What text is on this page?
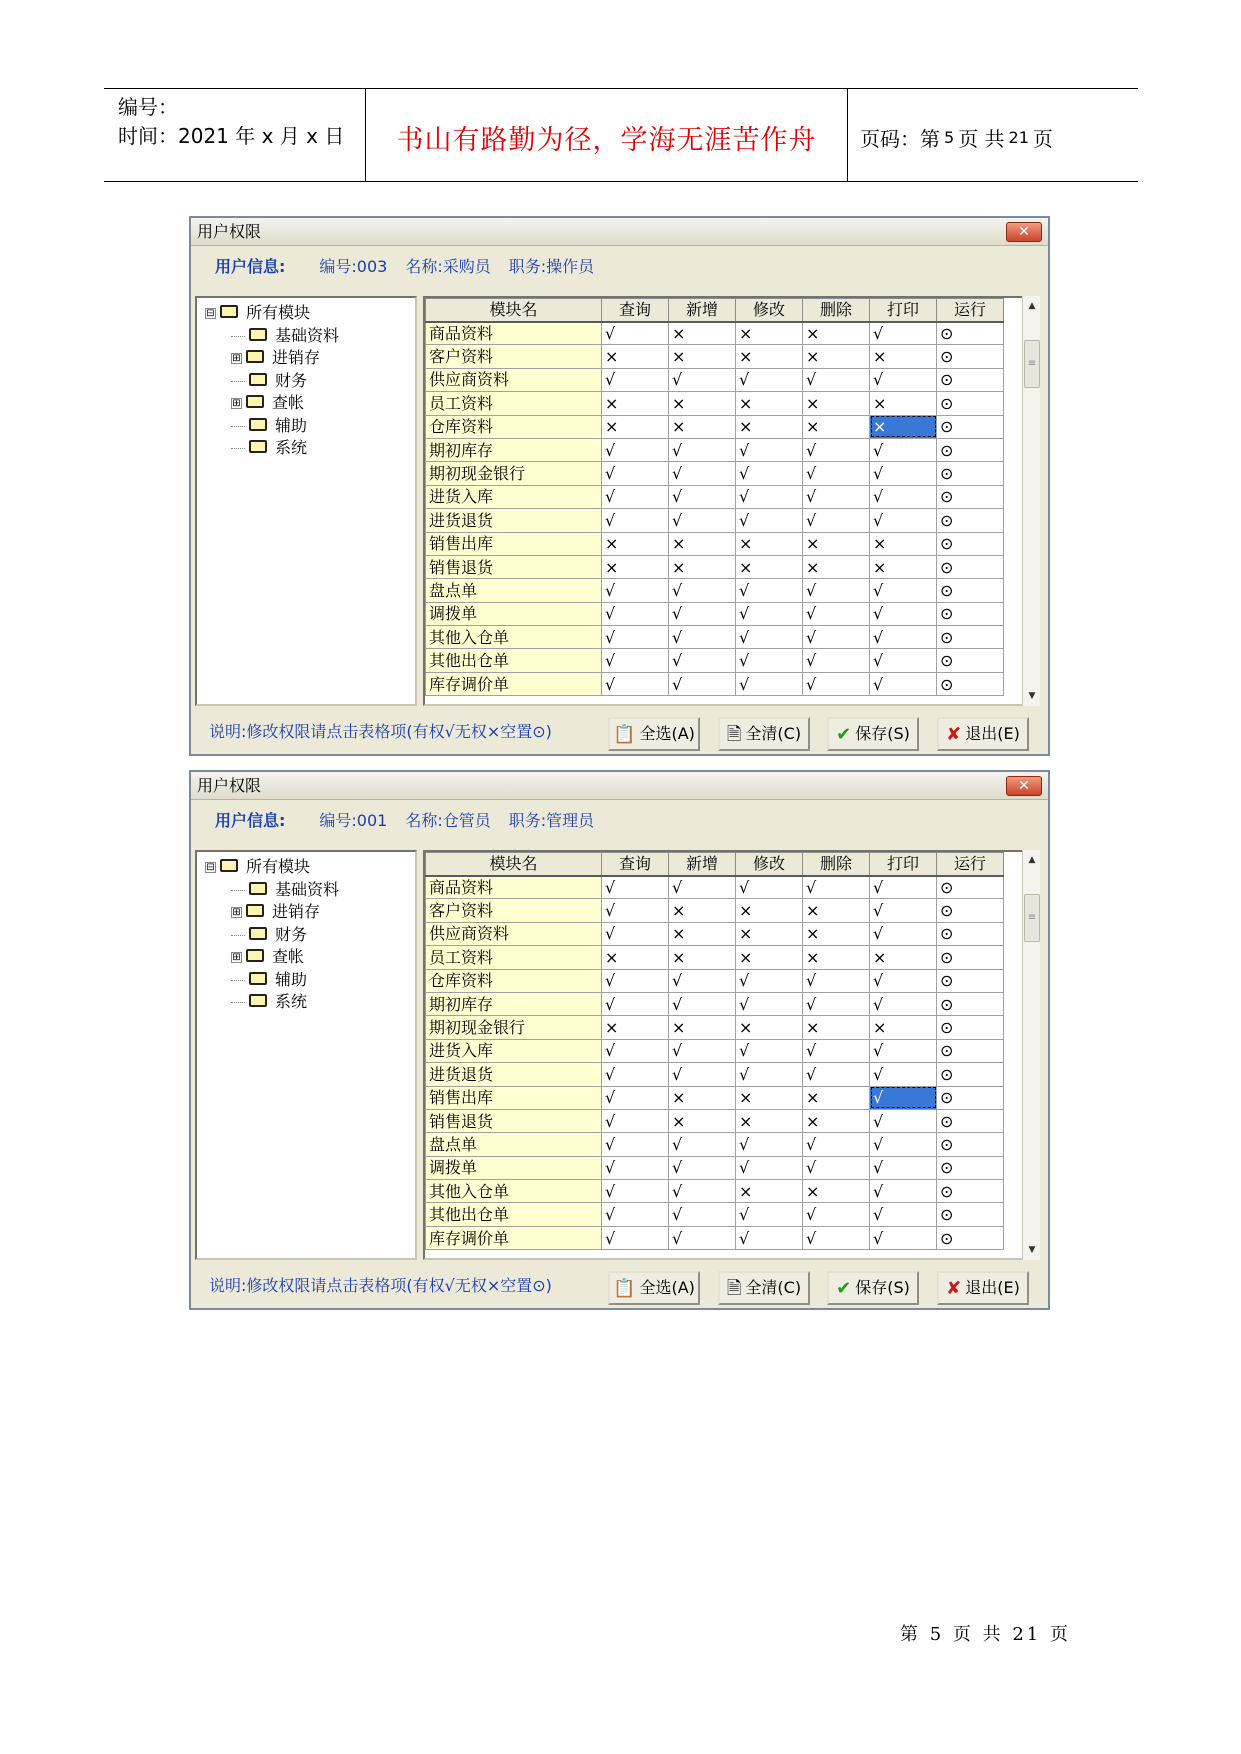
编号：
时间：2021 年 x 月 x 日	书山有路勤为径，学海无涯苦作舟	页码：第 5 页 共 21 页
用户权限	✕
用户信息: 编号:003 名称:采购员 职务:操作员
⊟ 所有模块
基础资料
⊞ 进销存
财务
⊞ 查帐
辅助
系统
模块名	查询	新增	修改	删除	打印	运行
商品资料	√	×	×	×	√	⊙
客户资料	×	×	×	×	×	⊙
供应商资料	√	√	√	√	√	⊙
员工资料	×	×	×	×	×	⊙
仓库资料	×	×	×	×	×	⊙
期初库存	√	√	√	√	√	⊙
期初现金银行	√	√	√	√	√	⊙
进货入库	√	√	√	√	√	⊙
进货退货	√	√	√	√	√	⊙
销售出库	×	×	×	×	×	⊙
销售退货	×	×	×	×	×	⊙
盘点单	√	√	√	√	√	⊙
调拨单	√	√	√	√	√	⊙
其他入仓单	√	√	√	√	√	⊙
其他出仓单	√	√	√	√	√	⊙
库存调价单	√	√	√	√	√	⊙
▲
≡
▼
说明:修改权限请点击表格项(有权√无权×空置⊙)	📋 全选(A)	🗎 全清(C)	✔ 保存(S)	✘ 退出(E)
用户权限	✕
用户信息: 编号:001 名称:仓管员 职务:管理员
⊟ 所有模块
基础资料
⊞ 进销存
财务
⊞ 查帐
辅助
系统
模块名	查询	新增	修改	删除	打印	运行
商品资料	√	√	√	√	√	⊙
客户资料	√	×	×	×	√	⊙
供应商资料	√	×	×	×	√	⊙
员工资料	×	×	×	×	×	⊙
仓库资料	√	√	√	√	√	⊙
期初库存	√	√	√	√	√	⊙
期初现金银行	×	×	×	×	×	⊙
进货入库	√	√	√	√	√	⊙
进货退货	√	√	√	√	√	⊙
销售出库	√	×	×	×	√	⊙
销售退货	√	×	×	×	√	⊙
盘点单	√	√	√	√	√	⊙
调拨单	√	√	√	√	√	⊙
其他入仓单	√	√	×	×	√	⊙
其他出仓单	√	√	√	√	√	⊙
库存调价单	√	√	√	√	√	⊙
▲
≡
▼
说明:修改权限请点击表格项(有权√无权×空置⊙)	📋 全选(A)	🗎 全清(C)	✔ 保存(S)	✘ 退出(E)
第 5 页 共 21 页
